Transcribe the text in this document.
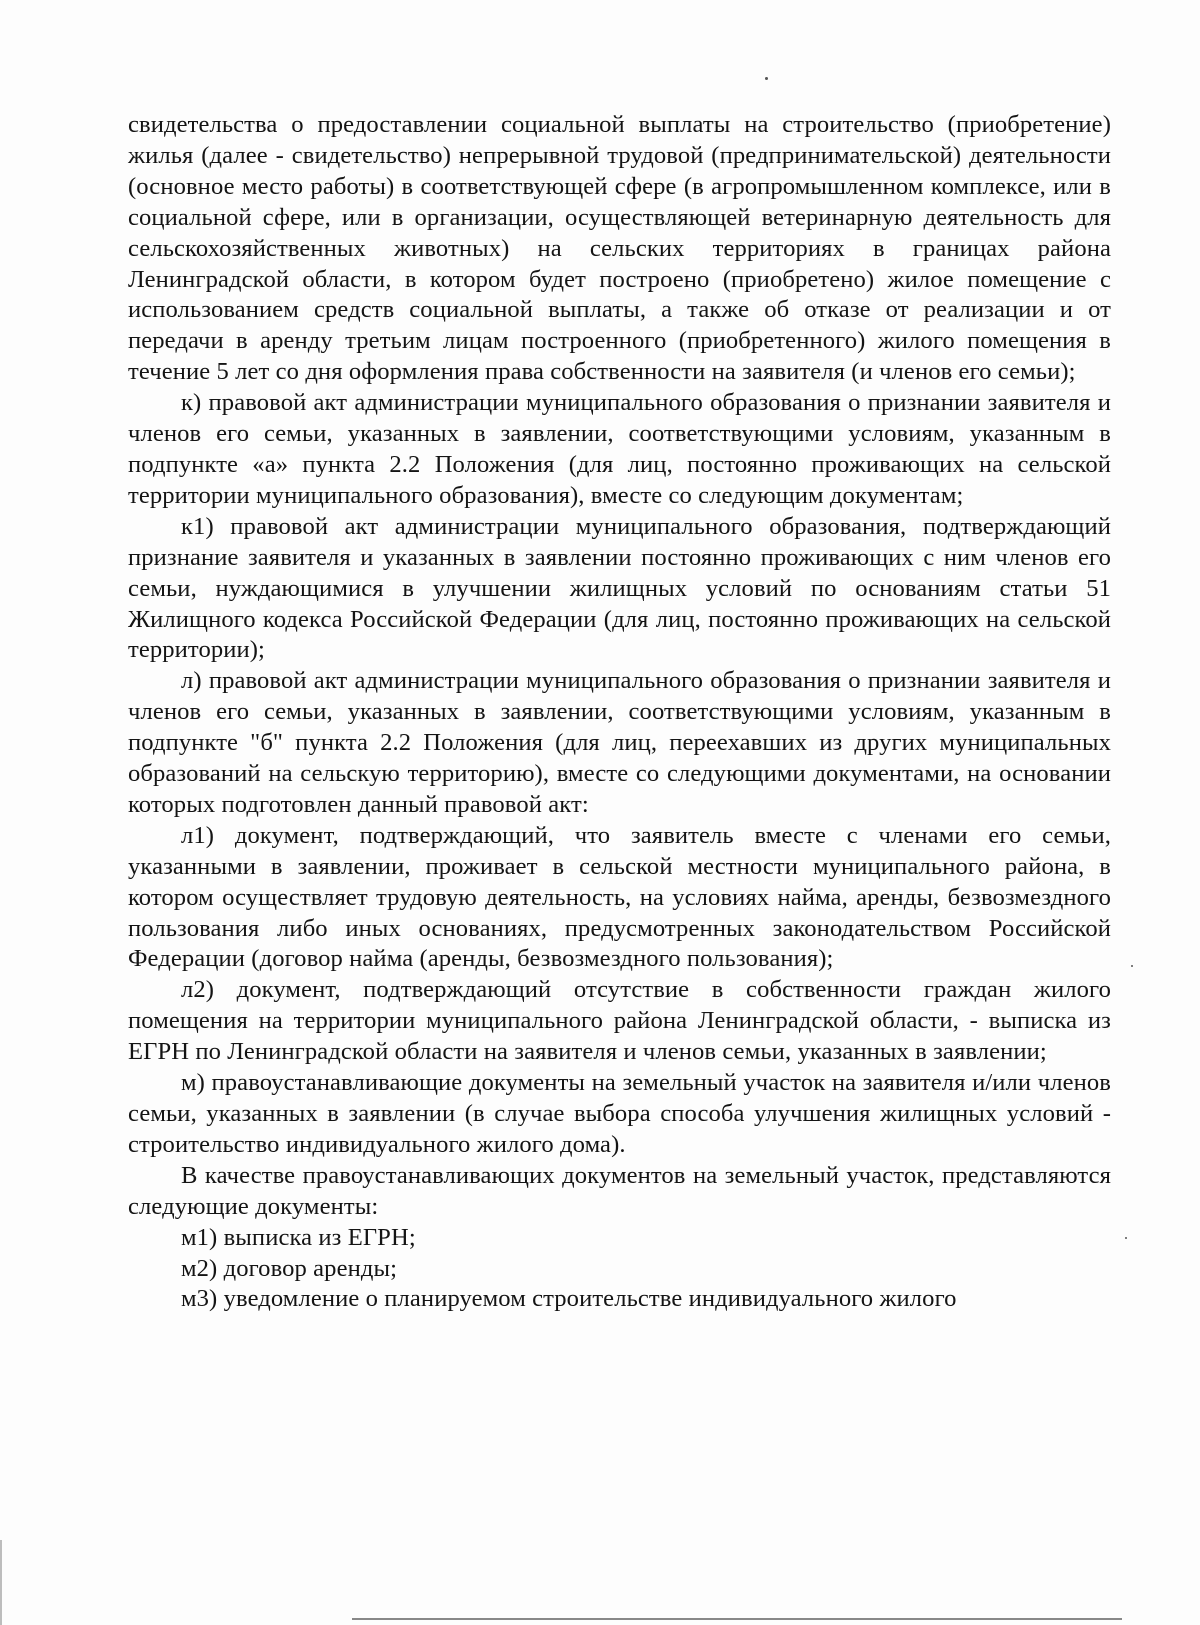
свидетельства о предоставлении социальной выплаты на строительство (приобретение) жилья (далее - свидетельство) непрерывной трудовой (предпринимательской) деятельности (основное место работы) в соответствующей сфере (в агропромышленном комплексе, или в социальной сфере, или в организации, осуществляющей ветеринарную деятельность для сельскохозяйственных животных) на сельских территориях в границах района Ленинградской области, в котором будет построено (приобретено) жилое помещение с использованием средств социальной выплаты, а также об отказе от реализации и от передачи в аренду третьим лицам построенного (приобретенного) жилого помещения в течение 5 лет со дня оформления права собственности на заявителя (и членов его семьи);

к) правовой акт администрации муниципального образования о признании заявителя и членов его семьи, указанных в заявлении, соответствующими условиям, указанным в подпункте «а» пункта 2.2 Положения (для лиц, постоянно проживающих на сельской территории муниципального образования), вместе со следующим документам;

к1) правовой акт администрации муниципального образования, подтверждающий признание заявителя и указанных в заявлении постоянно проживающих с ним членов его семьи, нуждающимися в улучшении жилищных условий по основаниям статьи 51 Жилищного кодекса Российской Федерации (для лиц, постоянно проживающих на сельской территории);

л) правовой акт администрации муниципального образования о признании заявителя и членов его семьи, указанных в заявлении, соответствующими условиям, указанным в подпункте "б" пункта 2.2 Положения (для лиц, переехавших из других муниципальных образований на сельскую территорию), вместе со следующими документами, на основании которых подготовлен данный правовой акт:

л1) документ, подтверждающий, что заявитель вместе с членами его семьи, указанными в заявлении, проживает в сельской местности муниципального района, в котором осуществляет трудовую деятельность, на условиях найма, аренды, безвозмездного пользования либо иных основаниях, предусмотренных законодательством Российской Федерации (договор найма (аренды, безвозмездного пользования);

л2) документ, подтверждающий отсутствие в собственности граждан жилого помещения на территории муниципального района Ленинградской области, - выписка из ЕГРН по Ленинградской области на заявителя и членов семьи, указанных в заявлении;

м) правоустанавливающие документы на земельный участок на заявителя и/или членов семьи, указанных в заявлении (в случае выбора способа улучшения жилищных условий - строительство индивидуального жилого дома).

В качестве правоустанавливающих документов на земельный участок, представляются следующие документы:

м1) выписка из ЕГРН;

м2) договор аренды;

м3) уведомление о планируемом строительстве индивидуального жилого
